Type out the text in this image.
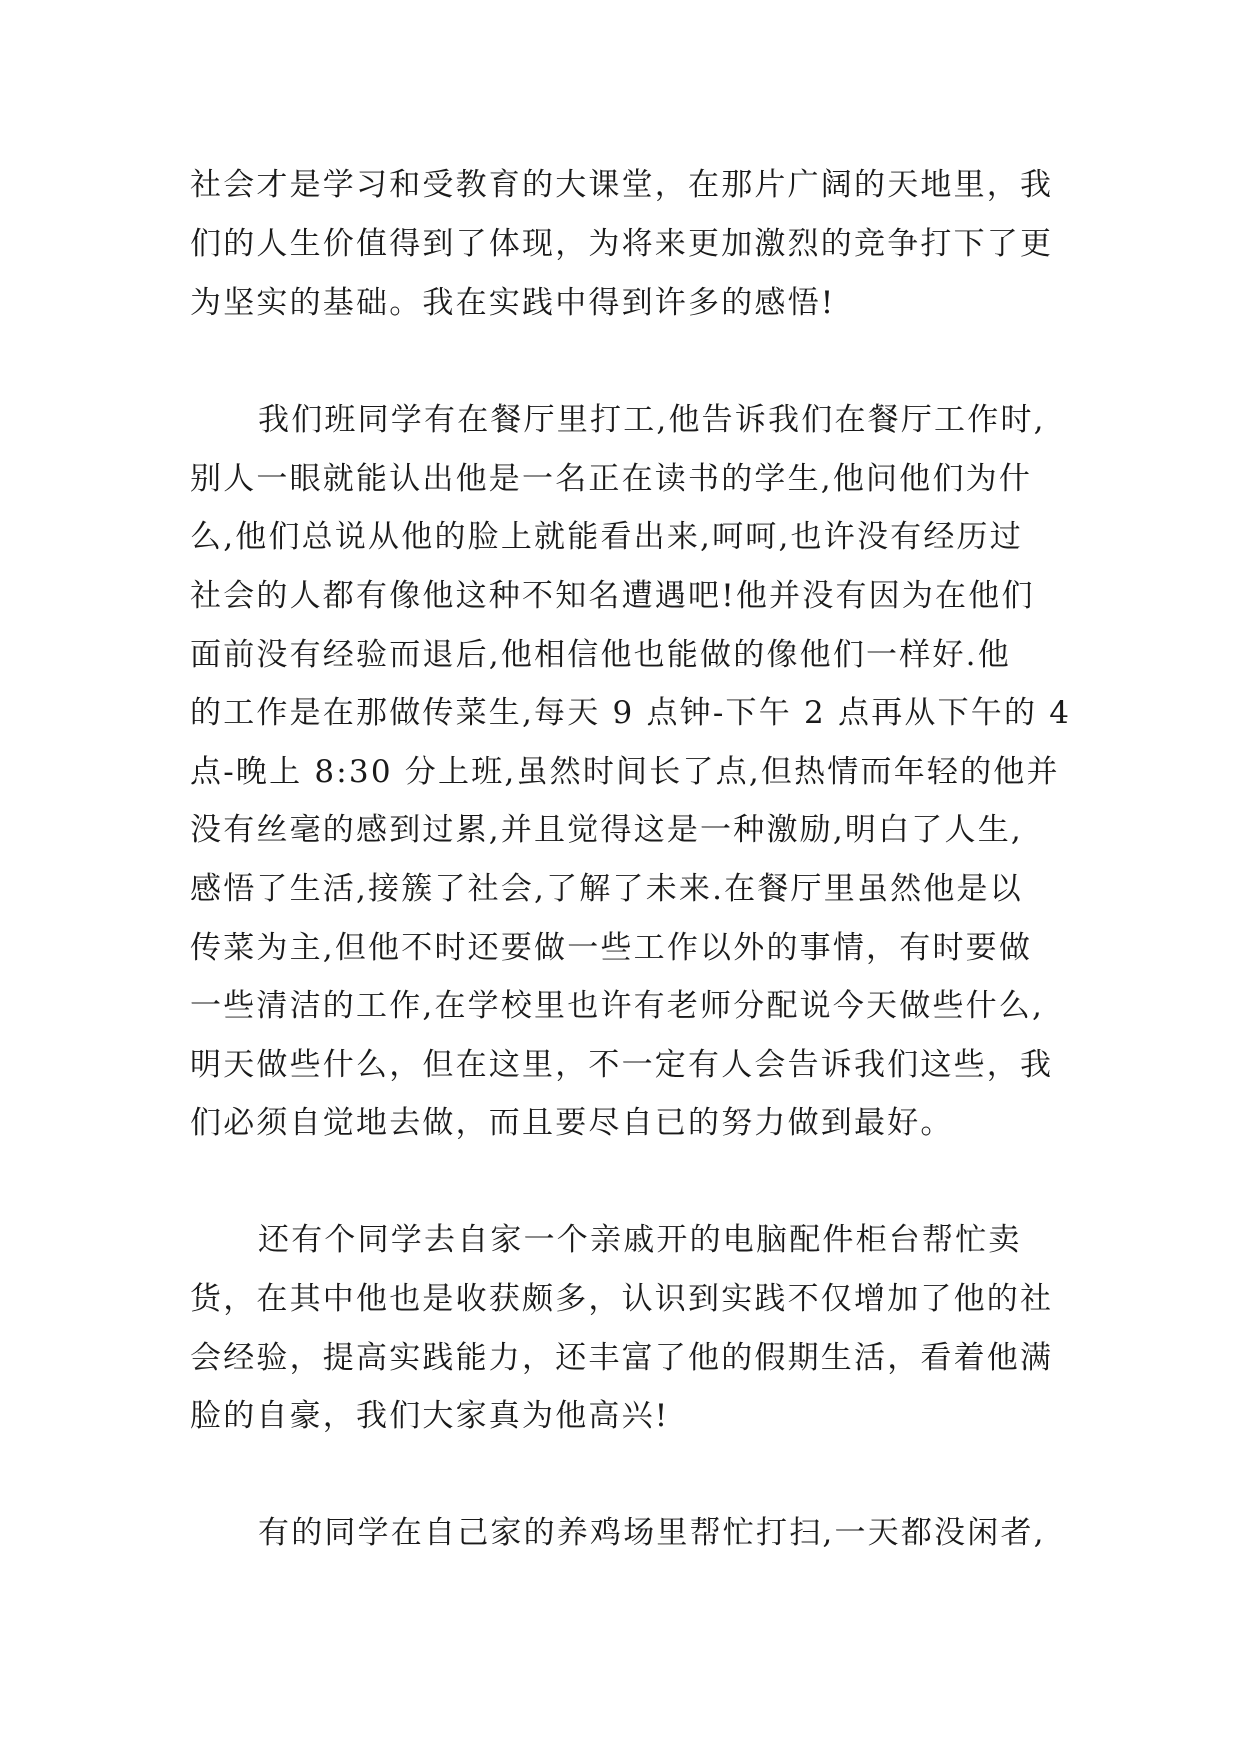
社会才是学习和受教育的大课堂，在那片广阔的天地里，我
们的人生价值得到了体现，为将来更加激烈的竞争打下了更
为坚实的基础。我在实践中得到许多的感悟!
我们班同学有在餐厅里打工,他告诉我们在餐厅工作时,
别人一眼就能认出他是一名正在读书的学生,他问他们为什
么,他们总说从他的脸上就能看出来,呵呵,也许没有经历过
社会的人都有像他这种不知名遭遇吧!他并没有因为在他们
面前没有经验而退后,他相信他也能做的像他们一样好.他
的工作是在那做传菜生,每天 9 点钟-下午 2 点再从下午的 4
点-晚上 8:30 分上班,虽然时间长了点,但热情而年轻的他并
没有丝毫的感到过累,并且觉得这是一种激励,明白了人生,
感悟了生活,接簇了社会,了解了未来.在餐厅里虽然他是以
传菜为主,但他不时还要做一些工作以外的事情，有时要做
一些清洁的工作,在学校里也许有老师分配说今天做些什么,
明天做些什么，但在这里，不一定有人会告诉我们这些，我
们必须自觉地去做，而且要尽自已的努力做到最好。
还有个同学去自家一个亲戚开的电脑配件柜台帮忙卖
货，在其中他也是收获颇多，认识到实践不仅增加了他的社
会经验，提高实践能力，还丰富了他的假期生活，看着他满
脸的自豪，我们大家真为他高兴!
有的同学在自己家的养鸡场里帮忙打扫,一天都没闲者,
